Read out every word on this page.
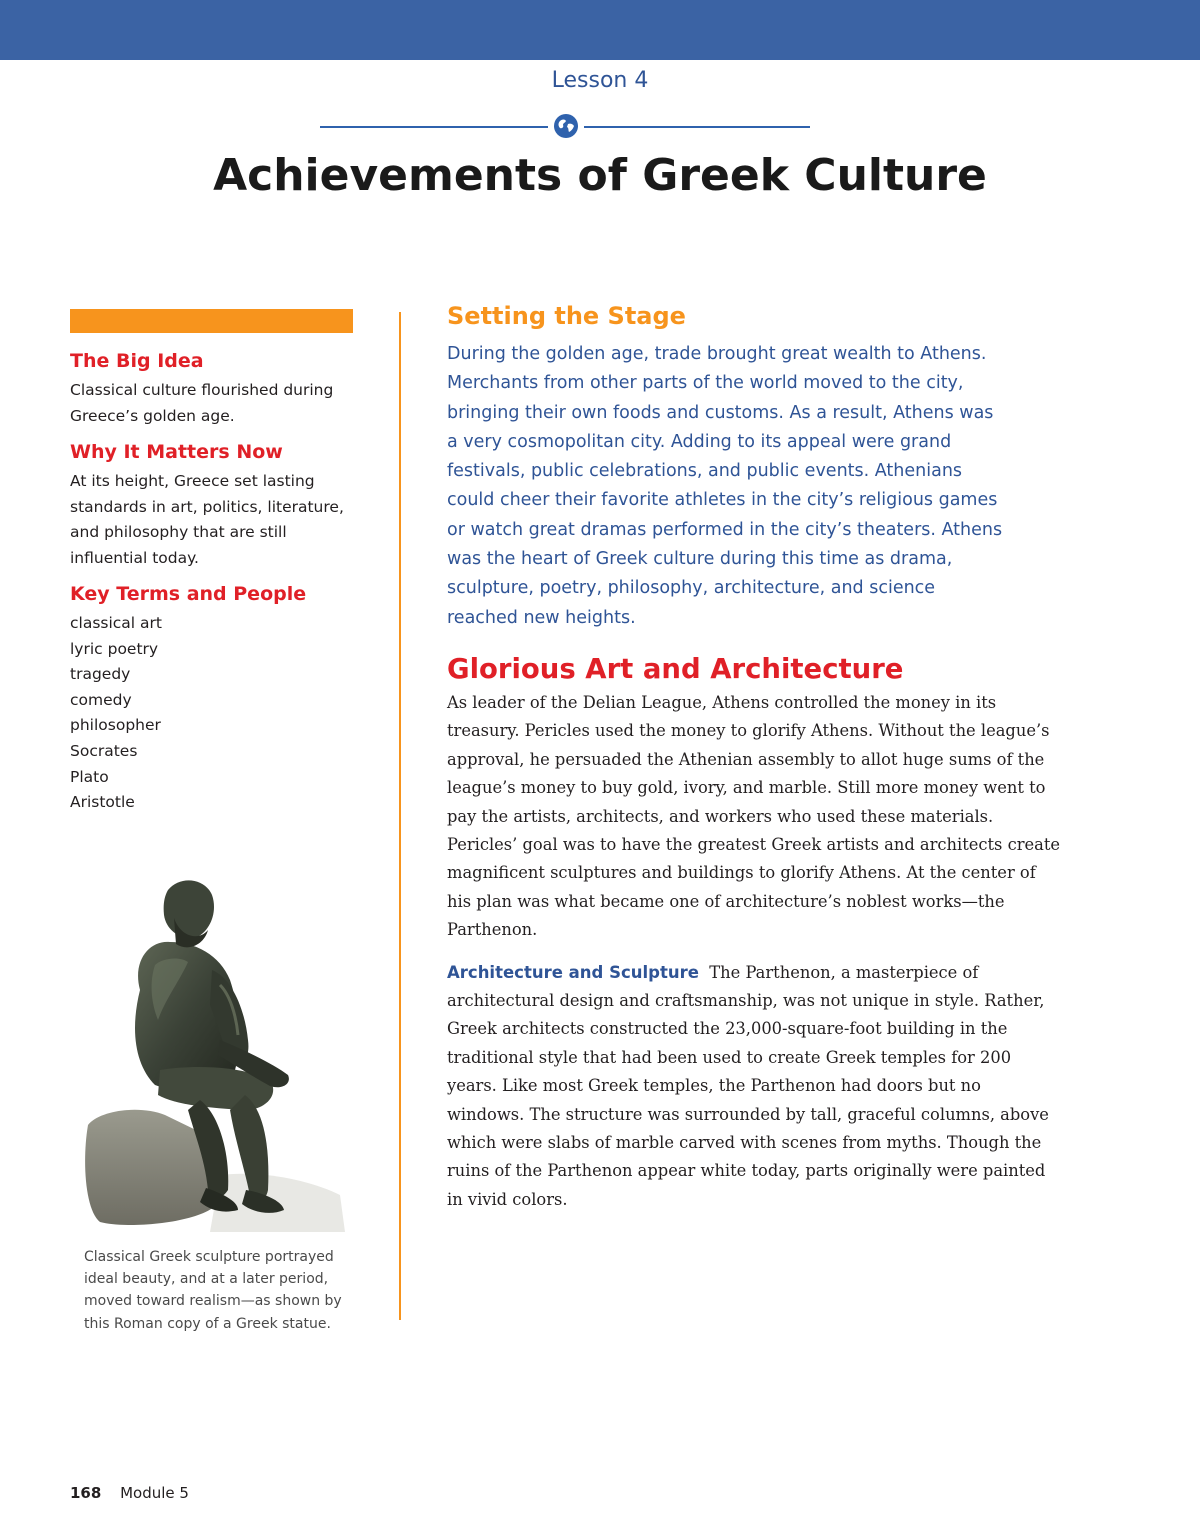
Lesson 4
Achievements of Greek Culture
The Big Idea

Classical culture flourished during Greece’s golden age.

Why It Matters Now

At its height, Greece set lasting standards in art, politics, literature, and philosophy that are still influential today.

Key Terms and People
classical art
lyric poetry
tragedy
comedy
philosopher
Socrates
Plato
Aristotle
Classical Greek sculpture portrayed ideal beauty, and at a later period, moved toward realism—as shown by this Roman copy of a Greek statue.
Setting the Stage

During the golden age, trade brought great wealth to Athens. Merchants from other parts of the world moved to the city, bringing their own foods and customs. As a result, Athens was a very cosmopolitan city. Adding to its appeal were grand festivals, public celebrations, and public events. Athenians could cheer their favorite athletes in the city’s religious games or watch great dramas performed in the city’s theaters. Athens was the heart of Greek culture during this time as drama, sculpture, poetry, philosophy, architecture, and science reached new heights.

Glorious Art and Architecture

As leader of the Delian League, Athens controlled the money in its treasury. Pericles used the money to glorify Athens. Without the league’s approval, he persuaded the Athenian assembly to allot huge sums of the league’s money to buy gold, ivory, and marble. Still more money went to pay the artists, architects, and workers who used these materials. Pericles’ goal was to have the greatest Greek artists and architects create magnificent sculptures and buildings to glorify Athens. At the center of his plan was what became one of architecture’s noblest works—the Parthenon.

Architecture and Sculpture The Parthenon, a masterpiece of architectural design and craftsmanship, was not unique in style. Rather, Greek architects constructed the 23,000-square-foot building in the traditional style that had been used to create Greek temples for 200 years. Like most Greek temples, the Parthenon had doors but no windows. The structure was surrounded by tall, graceful columns, above which were slabs of marble carved with scenes from myths. Though the ruins of the Parthenon appear white today, parts originally were painted in vivid colors.

168 Module 5
